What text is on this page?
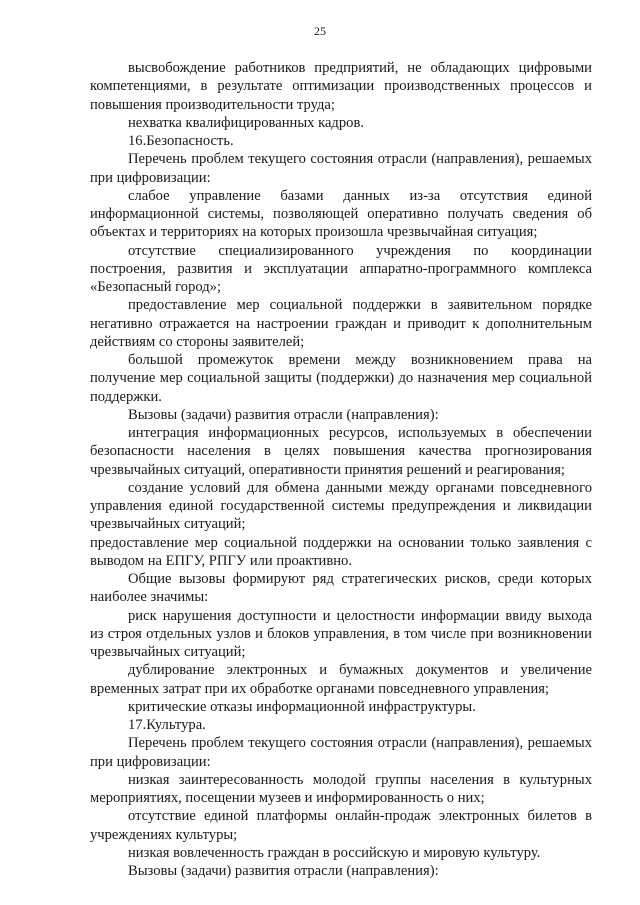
25

высвобождение работников предприятий, не обладающих цифровыми компетенциями, в результате оптимизации производственных процессов и повышения производительности труда;

нехватка квалифицированных кадров.

16.Безопасность.

Перечень проблем текущего состояния отрасли (направления), решаемых при цифровизации:

слабое управление базами данных из-за отсутствия единой информационной системы, позволяющей оперативно получать сведения об объектах и территориях на которых произошла чрезвычайная ситуация;

отсутствие специализированного учреждения по координации построения, развития и эксплуатации аппаратно-программного комплекса «Безопасный город»;

предоставление мер социальной поддержки в заявительном порядке негативно отражается на настроении граждан и приводит к дополнительным действиям со стороны заявителей;

большой промежуток времени между возникновением права на получение мер социальной защиты (поддержки) до назначения мер социальной поддержки.

Вызовы (задачи) развития отрасли (направления):

интеграция информационных ресурсов, используемых в обеспечении безопасности населения в целях повышения качества прогнозирования чрезвычайных ситуаций, оперативности принятия решений и реагирования;

создание условий для обмена данными между органами повседневного управления единой государственной системы предупреждения и ликвидации чрезвычайных ситуаций;

предоставление мер социальной поддержки на основании только заявления с выводом на ЕПГУ, РПГУ или проактивно.

Общие вызовы формируют ряд стратегических рисков, среди которых наиболее значимы:

риск нарушения доступности и целостности информации ввиду выхода из строя отдельных узлов и блоков управления, в том числе при возникновении чрезвычайных ситуаций;

дублирование электронных и бумажных документов и увеличение временных затрат при их обработке органами повседневного управления;

критические отказы информационной инфраструктуры.

17.Культура.

Перечень проблем текущего состояния отрасли (направления), решаемых при цифровизации:

низкая заинтересованность молодой группы населения в культурных мероприятиях, посещении музеев и информированность о них;

отсутствие единой платформы онлайн-продаж электронных билетов в учреждениях культуры;

низкая вовлеченность граждан в российскую и мировую культуру.

Вызовы (задачи) развития отрасли (направления):
